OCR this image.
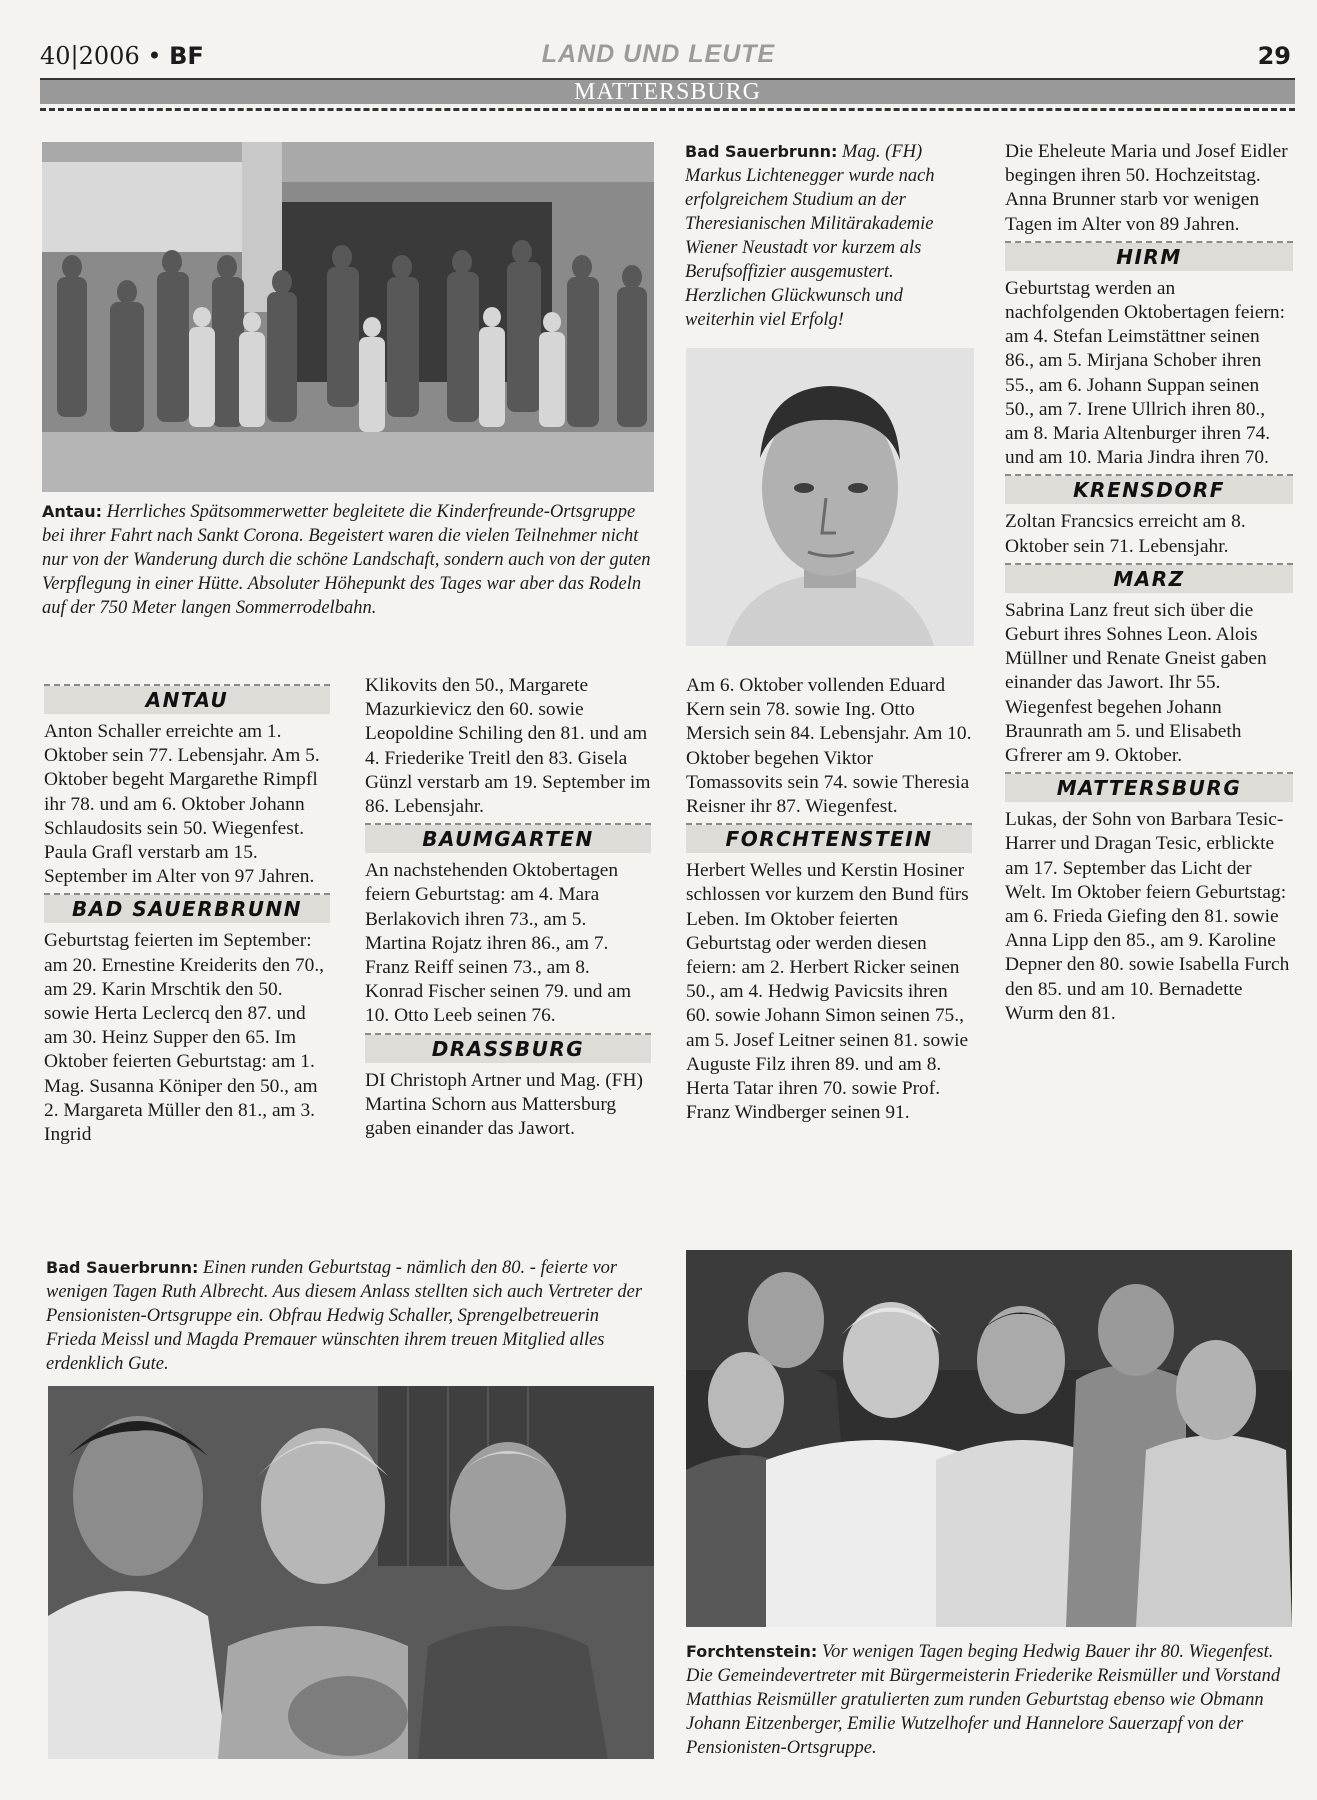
40|2006 • BF	LAND UND LEUTE	29
MATTERSBURG
Antau: Herrliches Spätsommerwetter begleitete die Kinderfreunde-Ortsgruppe bei ihrer Fahrt nach Sankt Corona. Begeistert waren die vielen Teilnehmer nicht nur von der Wanderung durch die schöne Landschaft, sondern auch von der guten Verpflegung in einer Hütte. Absoluter Höhepunkt des Tages war aber das Rodeln auf der 750 Meter langen Sommerrodelbahn.
ANTAU

Anton Schaller erreichte am 1. Oktober sein 77. Lebensjahr. Am 5. Oktober begeht Margarethe Rimpfl ihr 78. und am 6. Oktober Johann Schlaudosits sein 50. Wiegenfest. Paula Grafl verstarb am 15. September im Alter von 97 Jahren.

BAD SAUERBRUNN

Geburtstag feierten im September: am 20. Ernestine Kreiderits den 70., am 29. Karin Mrschtik den 50. sowie Herta Leclercq den 87. und am 30. Heinz Supper den 65. Im Oktober feierten Geburtstag: am 1. Mag. Susanna Köniper den 50., am 2. Margareta Müller den 81., am 3. Ingrid

Klikovits den 50., Margarete Mazurkievicz den 60. sowie Leopoldine Schiling den 81. und am 4. Friederike Treitl den 83. Gisela Günzl verstarb am 19. September im 86. Lebensjahr.

BAUMGARTEN

An nachstehenden Oktobertagen feiern Geburtstag: am 4. Mara Berlakovich ihren 73., am 5. Martina Rojatz ihren 86., am 7. Franz Reiff seinen 73., am 8. Konrad Fischer seinen 79. und am 10. Otto Leeb seinen 76.

DRASSBURG

DI Christoph Artner und Mag. (FH) Martina Schorn aus Mattersburg gaben einander das Jawort.

Bad Sauerbrunn: Mag. (FH) Markus Lichtenegger wurde nach erfolgreichem Studium an der Theresianischen Militärakademie Wiener Neustadt vor kurzem als Berufsoffizier ausgemustert. Herzlichen Glückwunsch und weiterhin viel Erfolg!

Am 6. Oktober vollenden Eduard Kern sein 78. sowie Ing. Otto Mersich sein 84. Lebensjahr. Am 10. Oktober begehen Viktor Tomassovits sein 74. sowie Theresia Reisner ihr 87. Wiegenfest.

FORCHTENSTEIN

Herbert Welles und Kerstin Hosiner schlossen vor kurzem den Bund fürs Leben. Im Oktober feierten Geburtstag oder werden diesen feiern: am 2. Herbert Ricker seinen 50., am 4. Hedwig Pavicsits ihren 60. sowie Johann Simon seinen 75., am 5. Josef Leitner seinen 81. sowie Auguste Filz ihren 89. und am 8. Herta Tatar ihren 70. sowie Prof. Franz Windberger seinen 91.

Die Eheleute Maria und Josef Eidler begingen ihren 50. Hochzeitstag. Anna Brunner starb vor wenigen Tagen im Alter von 89 Jahren.

HIRM

Geburtstag werden an nachfolgenden Oktobertagen feiern: am 4. Stefan Leimstättner seinen 86., am 5. Mirjana Schober ihren 55., am 6. Johann Suppan seinen 50., am 7. Irene Ullrich ihren 80., am 8. Maria Altenburger ihren 74. und am 10. Maria Jindra ihren 70.

KRENSDORF

Zoltan Francsics erreicht am 8. Oktober sein 71. Lebensjahr.

MARZ

Sabrina Lanz freut sich über die Geburt ihres Sohnes Leon. Alois Müllner und Renate Gneist gaben einander das Jawort. Ihr 55. Wiegenfest begehen Johann Braunrath am 5. und Elisabeth Gfrerer am 9. Oktober.

MATTERSBURG

Lukas, der Sohn von Barbara Tesic-Harrer und Dragan Tesic, erblickte am 17. September das Licht der Welt. Im Oktober feiern Geburtstag: am 6. Frieda Giefing den 81. sowie Anna Lipp den 85., am 9. Karoline Depner den 80. sowie Isabella Furch den 85. und am 10. Bernadette Wurm den 81.

Bad Sauerbrunn: Einen runden Geburtstag - nämlich den 80. - feierte vor wenigen Tagen Ruth Albrecht. Aus diesem Anlass stellten sich auch Vertreter der Pensionisten-Ortsgruppe ein. Obfrau Hedwig Schaller, Sprengelbetreuerin Frieda Meissl und Magda Premauer wünschten ihrem treuen Mitglied alles erdenklich Gute.
Forchtenstein: Vor wenigen Tagen beging Hedwig Bauer ihr 80. Wiegenfest. Die Gemeindevertreter mit Bürgermeisterin Friederike Reismüller und Vorstand Matthias Reismüller gratulierten zum runden Geburtstag ebenso wie Obmann Johann Eitzenberger, Emilie Wutzelhofer und Hannelore Sauerzapf von der Pensionisten-Ortsgruppe.
